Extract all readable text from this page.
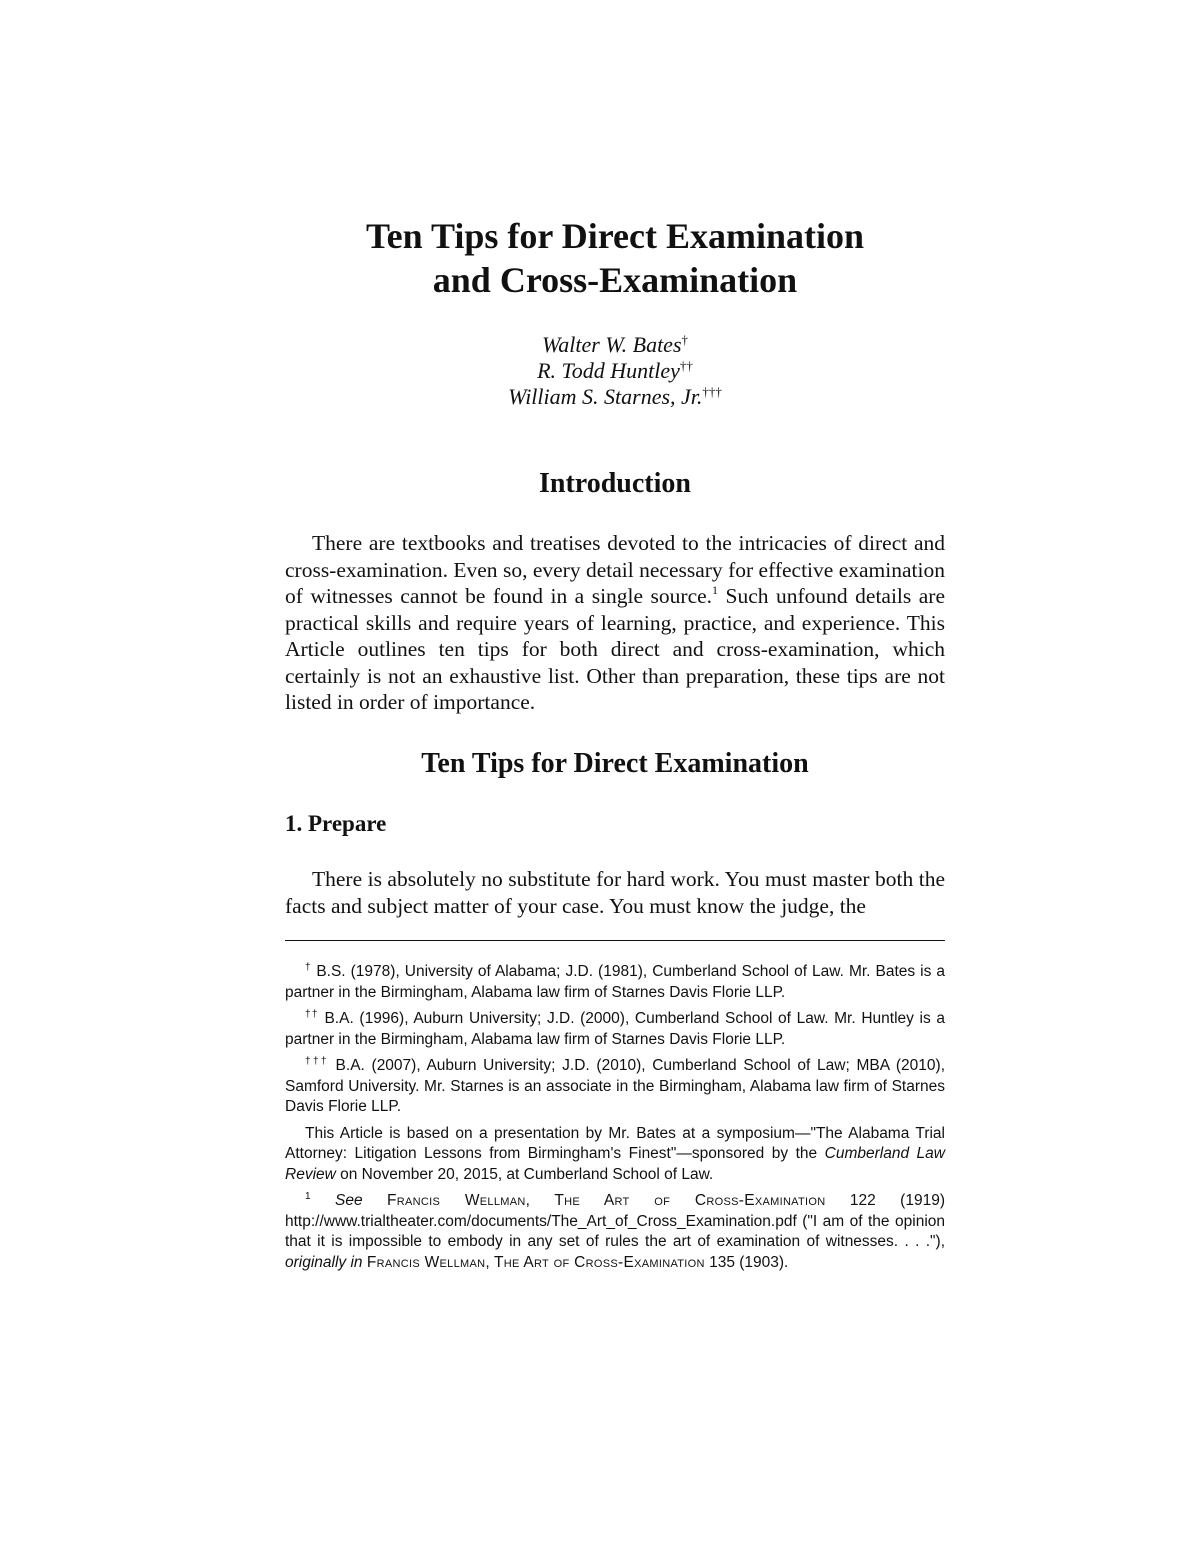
Ten Tips for Direct Examination
and Cross-Examination
Walter W. Bates†
R. Todd Huntley††
William S. Starnes, Jr.†††
Introduction

There are textbooks and treatises devoted to the intricacies of direct and cross-examination. Even so, every detail necessary for effective examination of witnesses cannot be found in a single source.$^1$ Such unfound details are practical skills and require years of learning, practice, and experience. This Article outlines ten tips for both direct and cross-examination, which certainly is not an exhaustive list. Other than preparation, these tips are not listed in order of importance.

Ten Tips for Direct Examination
1. Prepare

There is absolutely no substitute for hard work. You must master both the facts and subject matter of your case. You must know the judge, the

† B.S. (1978), University of Alabama; J.D. (1981), Cumberland School of Law. Mr. Bates is a partner in the Birmingham, Alabama law firm of Starnes Davis Florie LLP.

†† B.A. (1996), Auburn University; J.D. (2000), Cumberland School of Law. Mr. Huntley is a partner in the Birmingham, Alabama law firm of Starnes Davis Florie LLP.

††† B.A. (2007), Auburn University; J.D. (2010), Cumberland School of Law; MBA (2010), Samford University. Mr. Starnes is an associate in the Birmingham, Alabama law firm of Starnes Davis Florie LLP.

This Article is based on a presentation by Mr. Bates at a symposium—"The Alabama Trial Attorney: Litigation Lessons from Birmingham's Finest"—sponsored by the Cumberland Law Review on November 20, 2015, at Cumberland School of Law.

$^1$ See Francis Wellman, The Art of Cross-Examination 122 (1919) http://www.trialtheater.com/documents/The_Art_of_Cross_Examination.pdf ("I am of the opinion that it is impossible to embody in any set of rules the art of examination of witnesses. . . ."), originally in Francis Wellman, The Art of Cross-Examination 135 (1903).
